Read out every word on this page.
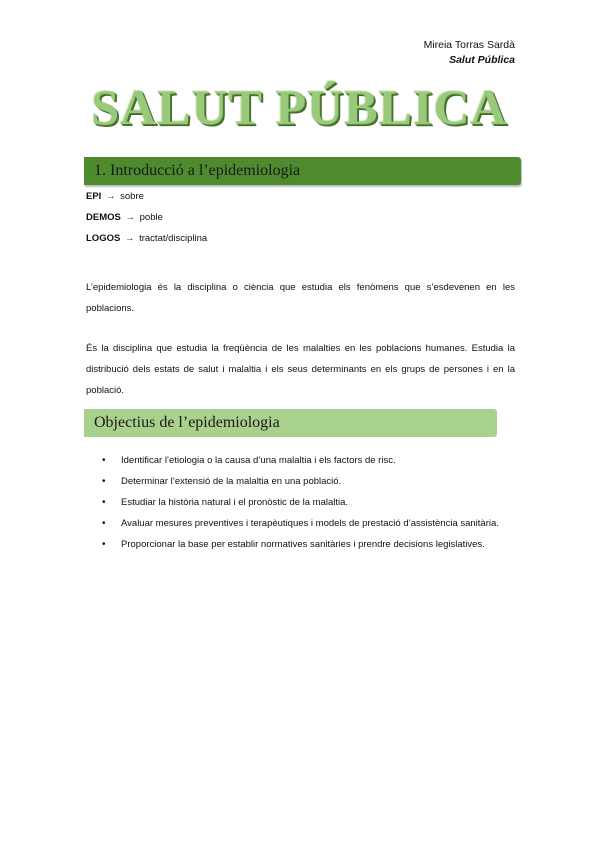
Mireia Torras Sardà
Salut Pública
SALUT PÚBLICA
1. Introducció a l’epidemiologia
EPI → sobre
DEMOS → poble
LOGOS → tractat/disciplina

L’epidemiologia és la disciplina o ciència que estudia els fenòmens que s’esdevenen en les poblacions.

És la disciplina que estudia la freqüència de les malalties en les poblacions humanes. Estudia la distribució dels estats de salut i malaltia i els seus determinants en els grups de persones i en la població.

Objectius de l’epidemiologia
• Identificar l’etiologia o la causa d’una malaltia i els factors de risc.
• Determinar l’extensió de la malaltia en una població.
• Estudiar la història natural i el pronòstic de la malaltia.
• Avaluar mesures preventives i terapèutiques i models de prestació d’assistència sanitària.
• Proporcionar la base per establir normatives sanitàries i prendre decisions legislatives.
